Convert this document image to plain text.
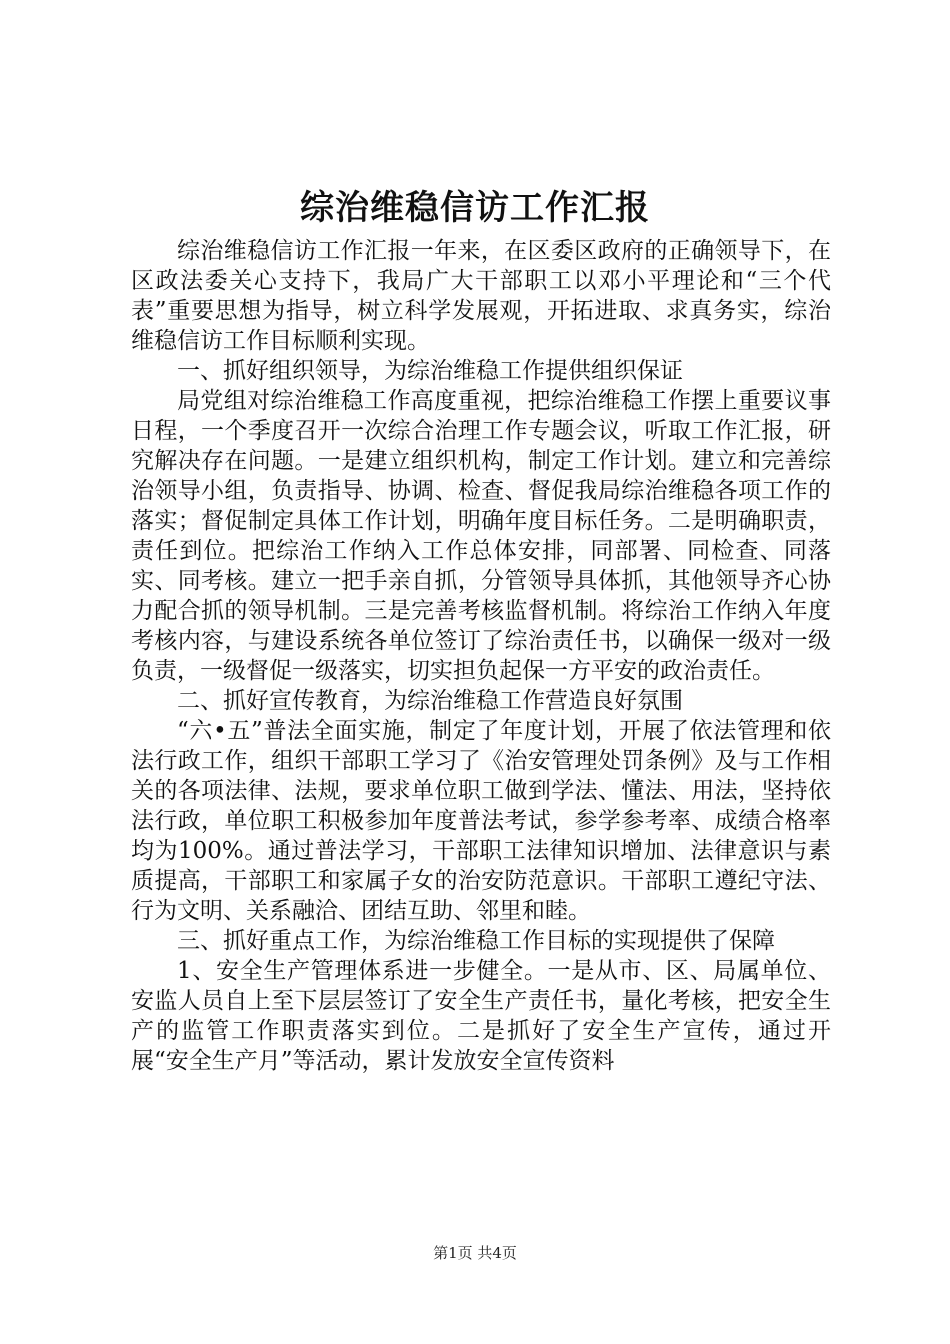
综治维稳信访工作汇报

综治维稳信访工作汇报一年来，在区委区政府的正确领导下，在区政法委关心支持下，我局广大干部职工以邓小平理论和“三个代表”重要思想为指导，树立科学发展观，开拓进取、求真务实，综治维稳信访工作目标顺利实现。

一、抓好组织领导，为综治维稳工作提供组织保证

局党组对综治维稳工作高度重视，把综治维稳工作摆上重要议事日程，一个季度召开一次综合治理工作专题会议，听取工作汇报，研究解决存在问题。一是建立组织机构，制定工作计划。建立和完善综治领导小组，负责指导、协调、检查、督促我局综治维稳各项工作的落实；督促制定具体工作计划，明确年度目标任务。二是明确职责，责任到位。把综治工作纳入工作总体安排，同部署、同检查、同落实、同考核。建立一把手亲自抓，分管领导具体抓，其他领导齐心协力配合抓的领导机制。三是完善考核监督机制。将综治工作纳入年度考核内容，与建设系统各单位签订了综治责任书，以确保一级对一级负责，一级督促一级落实，切实担负起保一方平安的政治责任。

二、抓好宣传教育，为综治维稳工作营造良好氛围

“六•五”普法全面实施，制定了年度计划，开展了依法管理和依法行政工作，组织干部职工学习了《治安管理处罚条例》及与工作相关的各项法律、法规，要求单位职工做到学法、懂法、用法，坚持依法行政，单位职工积极参加年度普法考试，参学参考率、成绩合格率均为100%。通过普法学习，干部职工法律知识增加、法律意识与素质提高，干部职工和家属子女的治安防范意识。干部职工遵纪守法、行为文明、关系融洽、团结互助、邻里和睦。

三、抓好重点工作，为综治维稳工作目标的实现提供了保障

1、安全生产管理体系进一步健全。一是从市、区、局属单位、安监人员自上至下层层签订了安全生产责任书，量化考核，把安全生产的监管工作职责落实到位。二是抓好了安全生产宣传，通过开展“安全生产月”等活动，累计发放安全宣传资料

第1页 共4页
